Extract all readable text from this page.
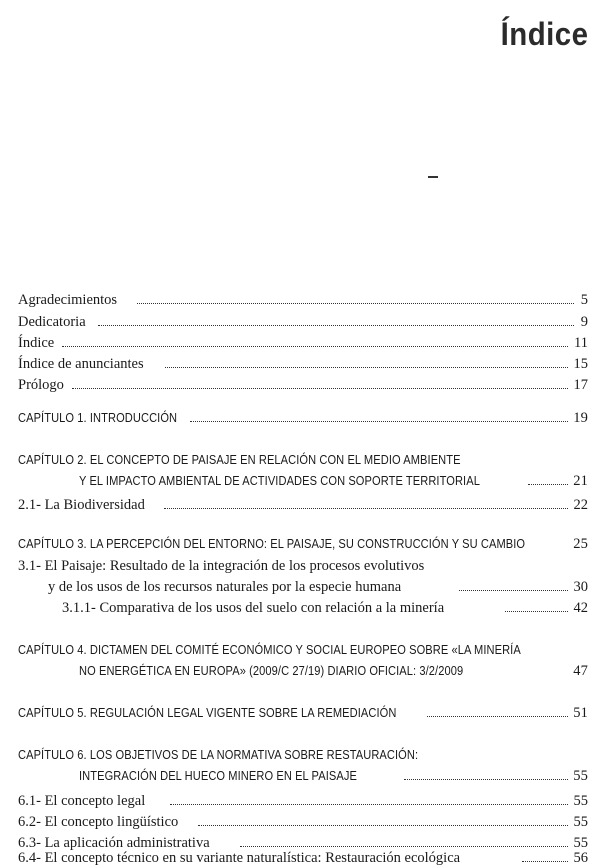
Índice
Agradecimientos	5
Dedicatoria	9
Índice	11
Índice de anunciantes	15
Prólogo	17
CAPÍTULO 1. INTRODUCCIÓN	19
CAPÍTULO 2. EL CONCEPTO DE PAISAJE EN RELACIÓN CON EL MEDIO AMBIENTE
Y EL IMPACTO AMBIENTAL DE ACTIVIDADES CON SOPORTE TERRITORIAL	21
2.1- La Biodiversidad	22
CAPÍTULO 3. LA PERCEPCIÓN DEL ENTORNO: EL PAISAJE, SU CONSTRUCCIÓN Y SU CAMBIO	25
3.1- El Paisaje: Resultado de la integración de los procesos evolutivos
y de los usos de los recursos naturales por la especie humana	30
3.1.1- Comparativa de los usos del suelo con relación a la minería	42
CAPÍTULO 4. DICTAMEN DEL COMITÉ ECONÓMICO Y SOCIAL EUROPEO SOBRE «LA MINERÍA
NO ENERGÉTICA EN EUROPA» (2009/C 27/19) DIARIO OFICIAL: 3/2/2009	47
CAPÍTULO 5. REGULACIÓN LEGAL VIGENTE SOBRE LA REMEDIACIÓN	51
CAPÍTULO 6. LOS OBJETIVOS DE LA NORMATIVA SOBRE RESTAURACIÓN:
INTEGRACIÓN DEL HUECO MINERO EN EL PAISAJE	55
6.1- El concepto legal	55
6.2- El concepto lingüístico	55
6.3- La aplicación administrativa	55
6.4- El concepto técnico en su variante naturalística: Restauración ecológica	56
